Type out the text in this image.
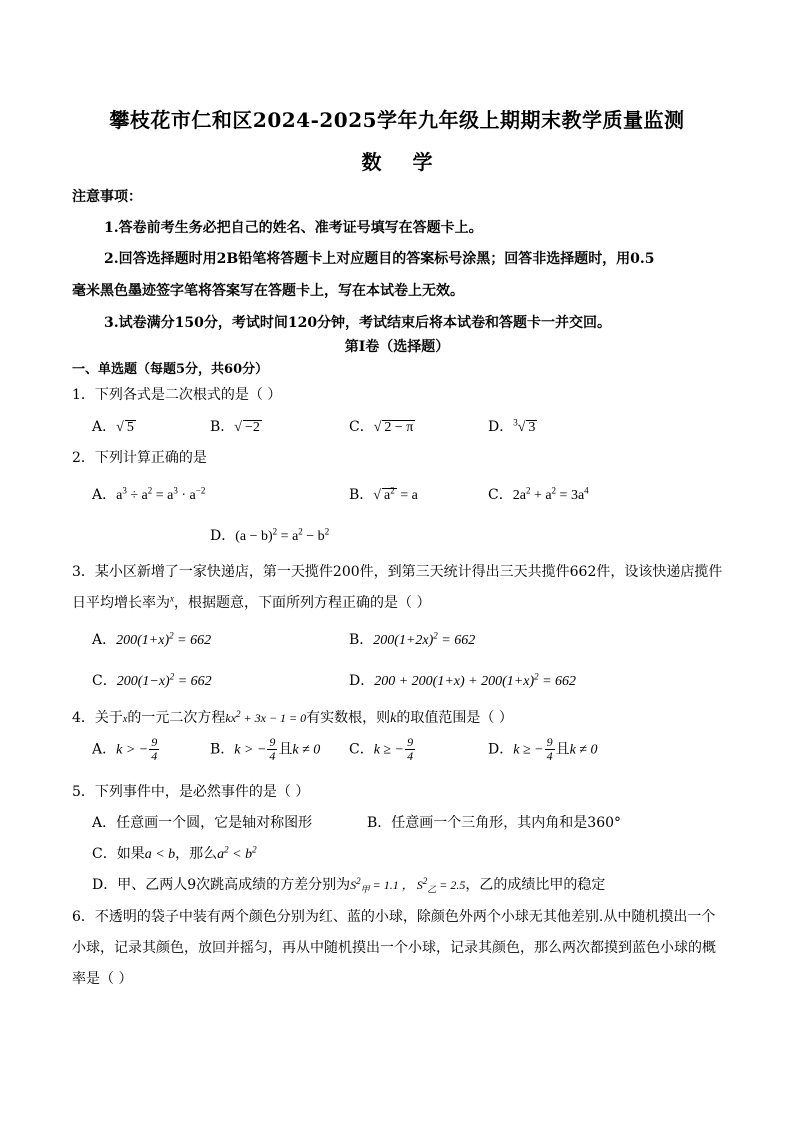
攀枝花市仁和区2024-2025学年九年级上期期末教学质量监测
数 学
注意事项：
1.答卷前考生务必把自己的姓名、准考证号填写在答题卡上。
2.回答选择题时用2B铅笔将答题卡上对应题目的答案标号涂黑；回答非选择题时，用0.5
毫米黑色墨迹签字笔将答案写在答题卡上，写在本试卷上无效。
3.试卷满分150分，考试时间120分钟，考试结束后将本试卷和答题卡一并交回。
第Ⅰ卷（选择题）
一、单选题（每题5分，共60分）
1．下列各式是二次根式的是（ ）
A．√ 5	B．√ −2	C．√ 2 − π	D．$^3$√ 3
2．下列计算正确的是
A．$a^3 \div a^2 = a^3 \cdot a^{-2}$	B．√ $a^2 = a$	C．$2a^2 + a^2 = 3a^4$
D．$(a - b)^2 = a^2 - b^2$
3．某小区新增了一家快递店，第一天揽件200件，到第三天统计得出三天共揽件662件，设该快递店揽件
日平均增长率为$^x$，根据题意，下面所列方程正确的是（ ）
A．$200(1+x)^2 = 662$	B．$200(1+2x)^2 = 662$
C．$200(1-x)^2 = 662$	D．$200 + 200(1+x) + 200(1+x)^2 = 662$
4．关于x的一元二次方程$kx^2 + 3x - 1 = 0$有实数根，则k的取值范围是（ ）
A．k > − $\frac{9}{4}$	B．k > − $\frac{9}{4}$ 且k ≠ 0 C．k ≥ − $\frac{9}{4}$	D．k ≥ − $\frac{9}{4}$ 且k ≠ 0
5．下列事件中，是必然事件的是（ ）
A．任意画一个圆，它是轴对称图形	B．任意画一个三角形，其内角和是360°
C．如果a < b，那么$a^2 < b^2$
D．甲、乙两人9次跳高成绩的方差分别为$S^2_甲 = 1.1$ ， $S^2_乙 = 2.5$，乙的成绩比甲的稳定
6．不透明的袋子中装有两个颜色分别为红、蓝的小球，除颜色外两个小球无其他差别.从中随机摸出一个
小球，记录其颜色，放回并摇匀，再从中随机摸出一个小球，记录其颜色，那么两次都摸到蓝色小球的概
率是（ ）
